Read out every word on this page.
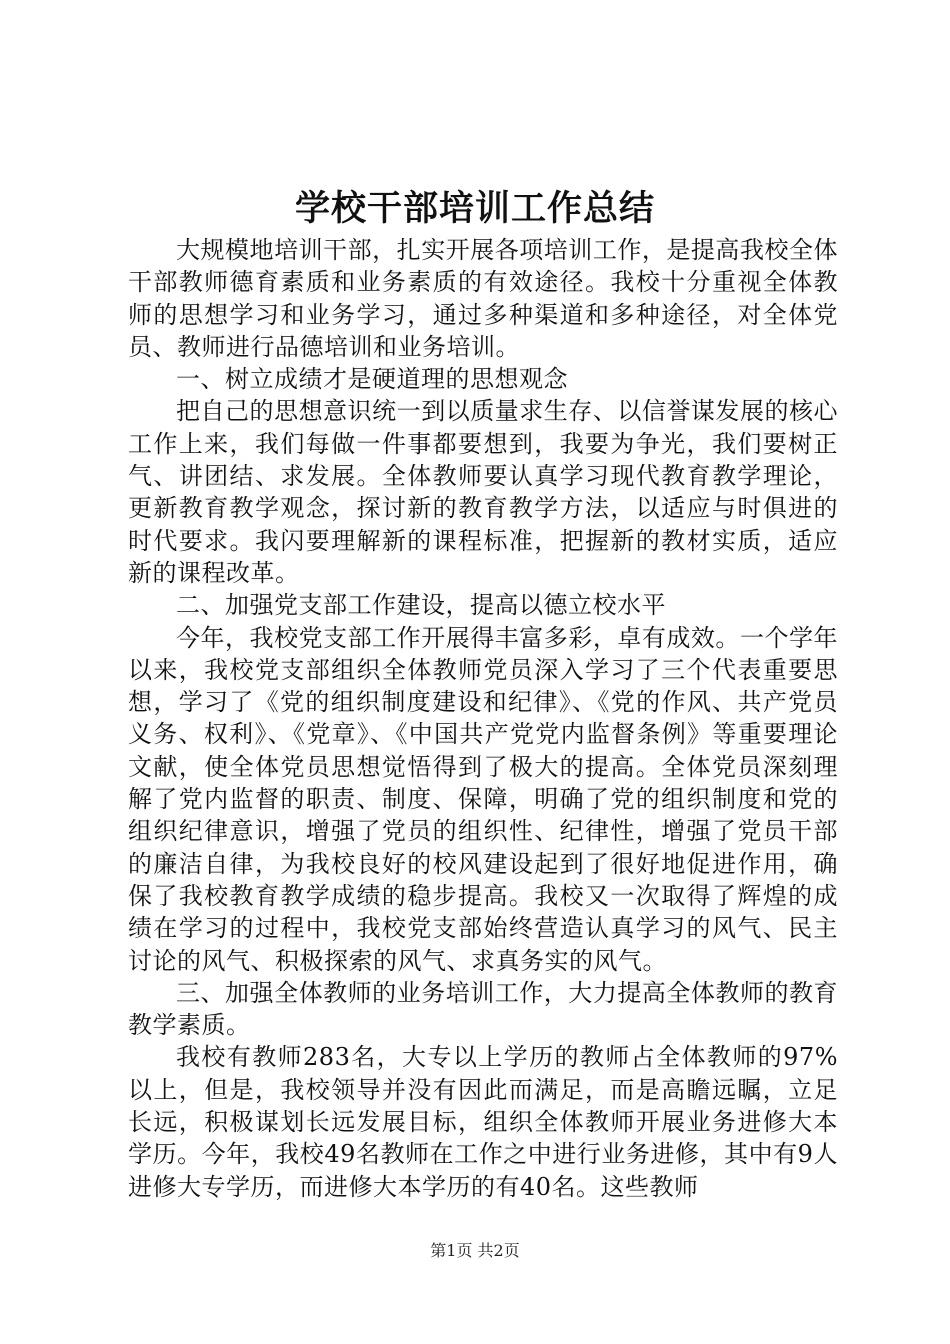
学校干部培训工作总结

大规模地培训干部，扎实开展各项培训工作，是提高我校全体干部教师德育素质和业务素质的有效途径。我校十分重视全体教师的思想学习和业务学习，通过多种渠道和多种途径，对全体党员、教师进行品德培训和业务培训。

一、树立成绩才是硬道理的思想观念

把自己的思想意识统一到以质量求生存、以信誉谋发展的核心工作上来，我们每做一件事都要想到，我要为争光，我们要树正气、讲团结、求发展。全体教师要认真学习现代教育教学理论，更新教育教学观念，探讨新的教育教学方法，以适应与时俱进的时代要求。我闪要理解新的课程标准，把握新的教材实质，适应新的课程改革。

二、加强党支部工作建设，提高以德立校水平

今年，我校党支部工作开展得丰富多彩，卓有成效。一个学年以来，我校党支部组织全体教师党员深入学习了三个代表重要思想，学习了《党的组织制度建设和纪律》、《党的作风、共产党员义务、权利》、《党章》、《中国共产党党内监督条例》等重要理论文献，使全体党员思想觉悟得到了极大的提高。全体党员深刻理解了党内监督的职责、制度、保障，明确了党的组织制度和党的组织纪律意识，增强了党员的组织性、纪律性，增强了党员干部的廉洁自律，为我校良好的校风建设起到了很好地促进作用，确保了我校教育教学成绩的稳步提高。我校又一次取得了辉煌的成绩在学习的过程中，我校党支部始终营造认真学习的风气、民主讨论的风气、积极探索的风气、求真务实的风气。

三、加强全体教师的业务培训工作，大力提高全体教师的教育教学素质。

我校有教师283名，大专以上学历的教师占全体教师的97%以上，但是，我校领导并没有因此而满足，而是高瞻远瞩，立足长远，积极谋划长远发展目标，组织全体教师开展业务进修大本学历。今年，我校49名教师在工作之中进行业务进修，其中有9人进修大专学历，而进修大本学历的有40名。这些教师

第1页 共2页
